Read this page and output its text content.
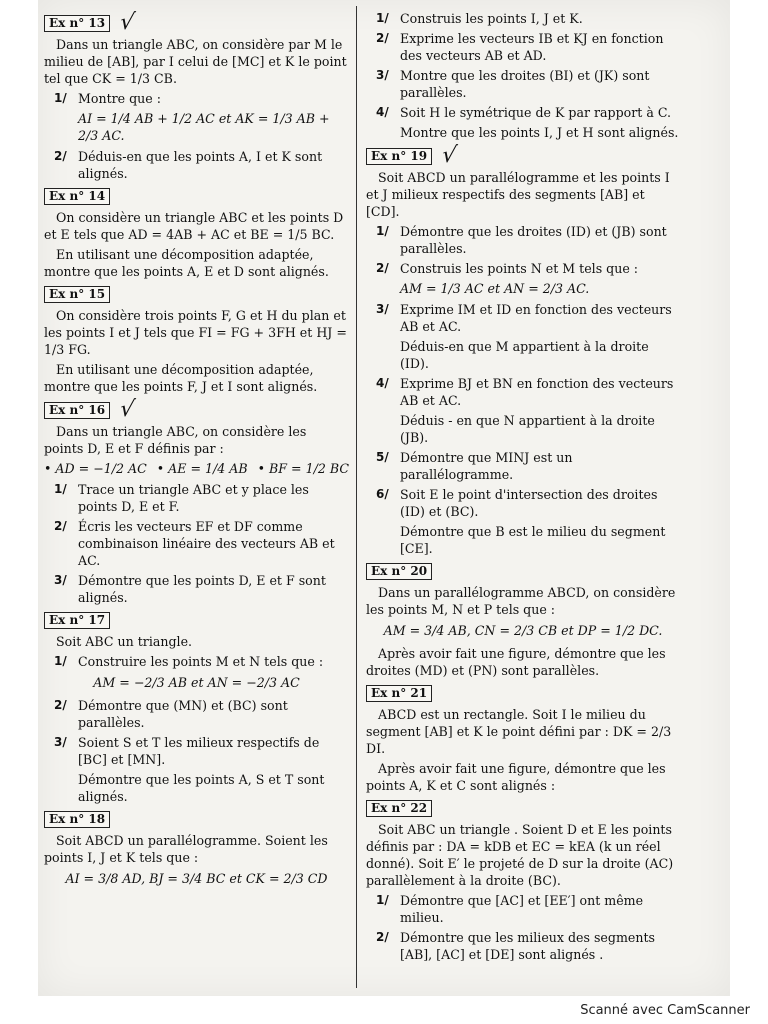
Ex n° 13 √

Dans un triangle ABC, on considère par M le milieu de [AB], par I celui de [MC] et K le point tel que CK = 1/3 CB.

1/ Montre que :
AI = 1/4 AB + 1/2 AC et AK = 1/3 AB + 2/3 AC.
2/ Déduis-en que les points A, I et K sont alignés.
Ex n° 14

On considère un triangle ABC et les points D et E tels que AD = 4AB + AC et BE = 1/5 BC.

En utilisant une décomposition adaptée, montre que les points A, E et D sont alignés.

Ex n° 15

On considère trois points F, G et H du plan et les points I et J tels que FI = FG + 3FH et HJ = 1/3 FG.

En utilisant une décomposition adaptée, montre que les points F, J et I sont alignés.

Ex n° 16 √

Dans un triangle ABC, on considère les points D, E et F définis par :

• AD = −1/2 AC • AE = 1/4 AB • BF = 1/2 BC
1/ Trace un triangle ABC et y place les points D, E et F.
2/ Écris les vecteurs EF et DF comme combinaison linéaire des vecteurs AB et AC.
3/ Démontre que les points D, E et F sont alignés.
Ex n° 17

Soit ABC un triangle.

1/ Construire les points M et N tels que :
AM = −2/3 AB et AN = −2/3 AC
2/ Démontre que (MN) et (BC) sont parallèles.
3/ Soient S et T les milieux respectifs de [BC] et [MN].
Démontre que les points A, S et T sont alignés.
Ex n° 18

Soit ABCD un parallélogramme. Soient les points I, J et K tels que :

AI = 3/8 AD, BJ = 3/4 BC et CK = 2/3 CD
1/ Construis les points I, J et K.
2/ Exprime les vecteurs IB et KJ en fonction des vecteurs AB et AD.
3/ Montre que les droites (BI) et (JK) sont parallèles.
4/ Soit H le symétrique de K par rapport à C.
Montre que les points I, J et H sont alignés.
Ex n° 19 √

Soit ABCD un parallélogramme et les points I et J milieux respectifs des segments [AB] et [CD].

1/ Démontre que les droites (ID) et (JB) sont parallèles.
2/ Construis les points N et M tels que :
AM = 1/3 AC et AN = 2/3 AC.
3/ Exprime IM et ID en fonction des vecteurs AB et AC.
Déduis-en que M appartient à la droite (ID).
4/ Exprime BJ et BN en fonction des vecteurs AB et AC.
Déduis - en que N appartient à la droite (JB).
5/ Démontre que MINJ est un parallélogramme.
6/ Soit E le point d'intersection des droites (ID) et (BC).
Démontre que B est le milieu du segment [CE].
Ex n° 20

Dans un parallélogramme ABCD, on considère les points M, N et P tels que :

AM = 3/4 AB, CN = 2/3 CB et DP = 1/2 DC.

Après avoir fait une figure, démontre que les droites (MD) et (PN) sont parallèles.

Ex n° 21

ABCD est un rectangle. Soit I le milieu du segment [AB] et K le point défini par : DK = 2/3 DI.

Après avoir fait une figure, démontre que les points A, K et C sont alignés :

Ex n° 22

Soit ABC un triangle . Soient D et E les points définis par : DA = kDB et EC = kEA (k un réel donné). Soit E′ le projeté de D sur la droite (AC) parallèlement à la droite (BC).

1/ Démontre que [AC] et [EE′] ont même milieu.
2/ Démontre que les milieux des segments [AB], [AC] et [DE] sont alignés .
Scanné avec CamScanner
